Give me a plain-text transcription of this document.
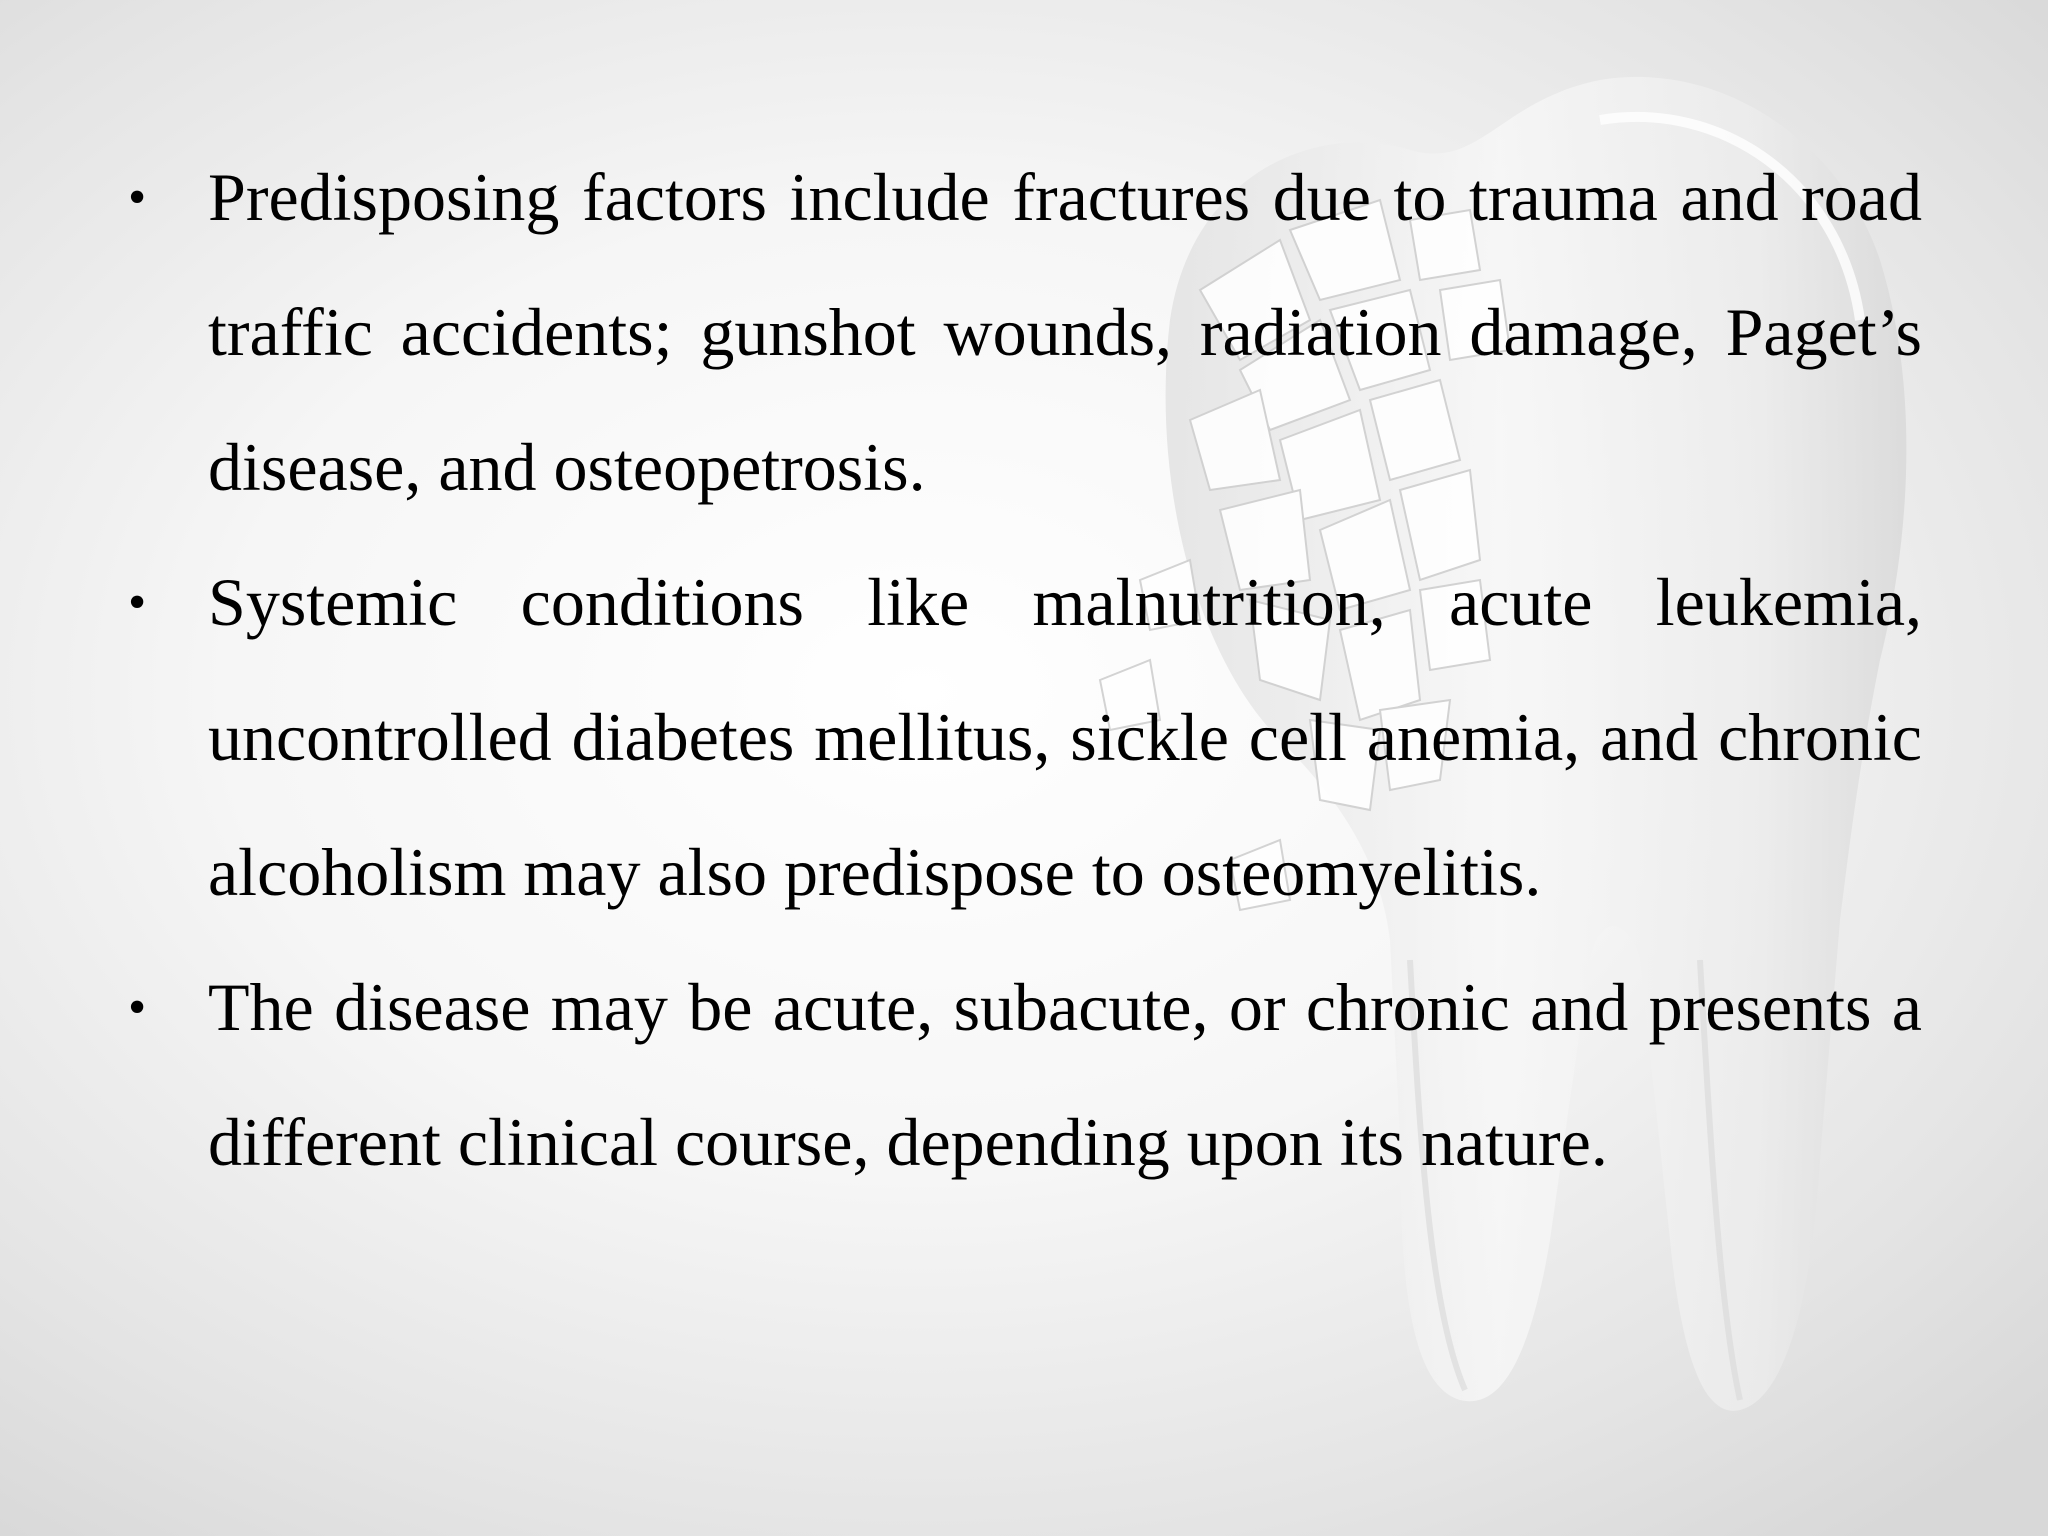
• Predisposing factors include fractures due to trauma and road traffic accidents; gunshot wounds, radiation damage, Paget’s disease, and osteopetrosis.

• Systemic conditions like malnutrition, acute leukemia, uncontrolled diabetes mellitus, sickle cell anemia, and chronic alcoholism may also predispose to osteomyelitis.

• The disease may be acute, subacute, or chronic and presents a different clinical course, depending upon its nature.
